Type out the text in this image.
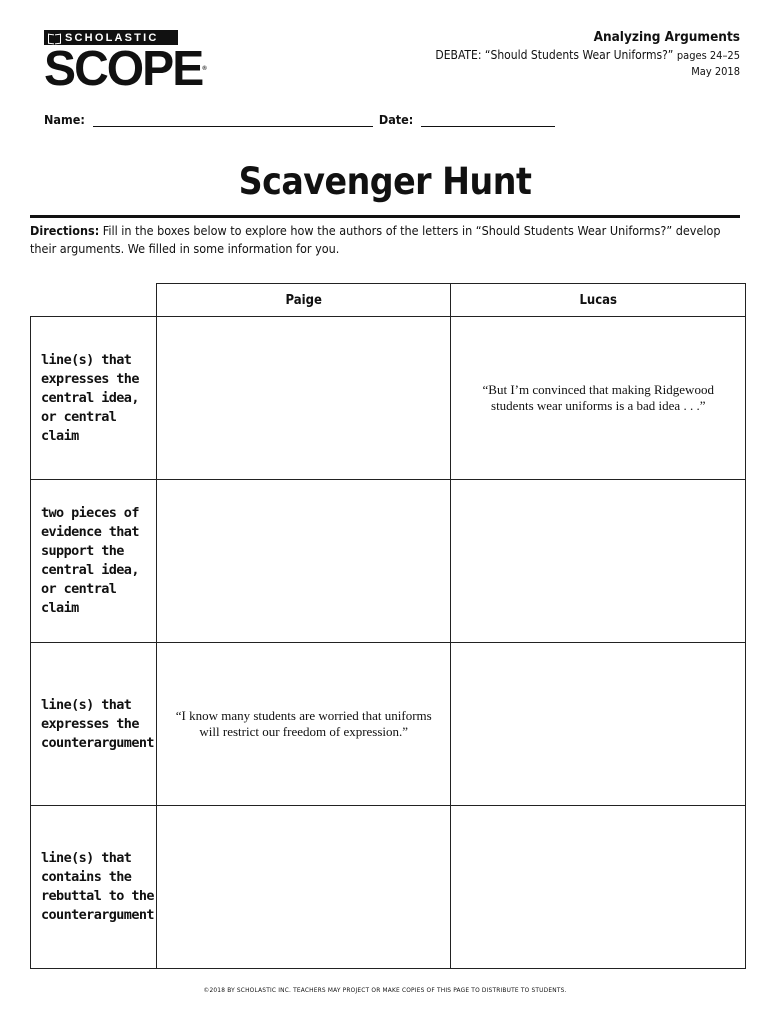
SCHOLASTIC
SCOPE®
Analyzing Arguments
DEBATE: “Should Students Wear Uniforms?” pages 24–25
May 2018
Name:	Date:
Scavenger Hunt
Directions: Fill in the boxes below to explore how the authors of the letters in “Should Students Wear Uniforms?” develop their arguments. We filled in some information for you.
	Paige	Lucas
line(s) that expresses the central idea, or central claim		“But I’m convinced that making Ridgewood students wear uniforms is a bad idea . . .”
two pieces of evidence that support the central idea, or central claim		
line(s) that expresses the counterargument	“I know many students are worried that uniforms will restrict our freedom of expression.”	
line(s) that contains the rebuttal to the counterargument		
©2018 BY SCHOLASTIC INC. TEACHERS MAY PROJECT OR MAKE COPIES OF THIS PAGE TO DISTRIBUTE TO STUDENTS.
